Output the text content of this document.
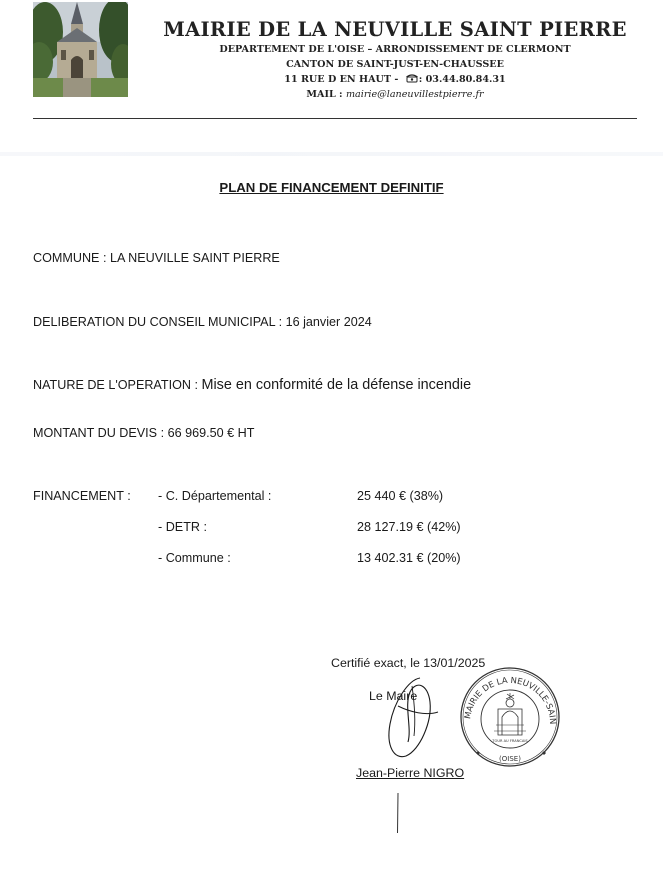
MAIRIE DE LA NEUVILLE SAINT PIERRE
DEPARTEMENT DE L'OISE – ARRONDISSEMENT DE CLERMONT
CANTON DE SAINT-JUST-EN-CHAUSSEE
11 RUE D EN HAUT - : 03.44.80.84.31
MAIL : mairie@laneuvillestpierre.fr
PLAN DE FINANCEMENT DEFINITIF
COMMUNE : LA NEUVILLE SAINT PIERRE
DELIBERATION DU CONSEIL MUNICIPAL : 16 janvier 2024
NATURE DE L'OPERATION : Mise en conformité de la défense incendie
MONTANT DU DEVIS : 66 969.50 € HT
FINANCEMENT : - C. Départemental :	25 440 € (38%)
- DETR :	28 127.19 € (42%)
- Commune :	13 402.31 € (20%)
Certifié exact, le 13/01/2025
Le Maire
Jean-Pierre NIGRO
MAIRIE DE LA NEUVILLE-SAIN
(OISE)
TOUR AU FRANCAIS
